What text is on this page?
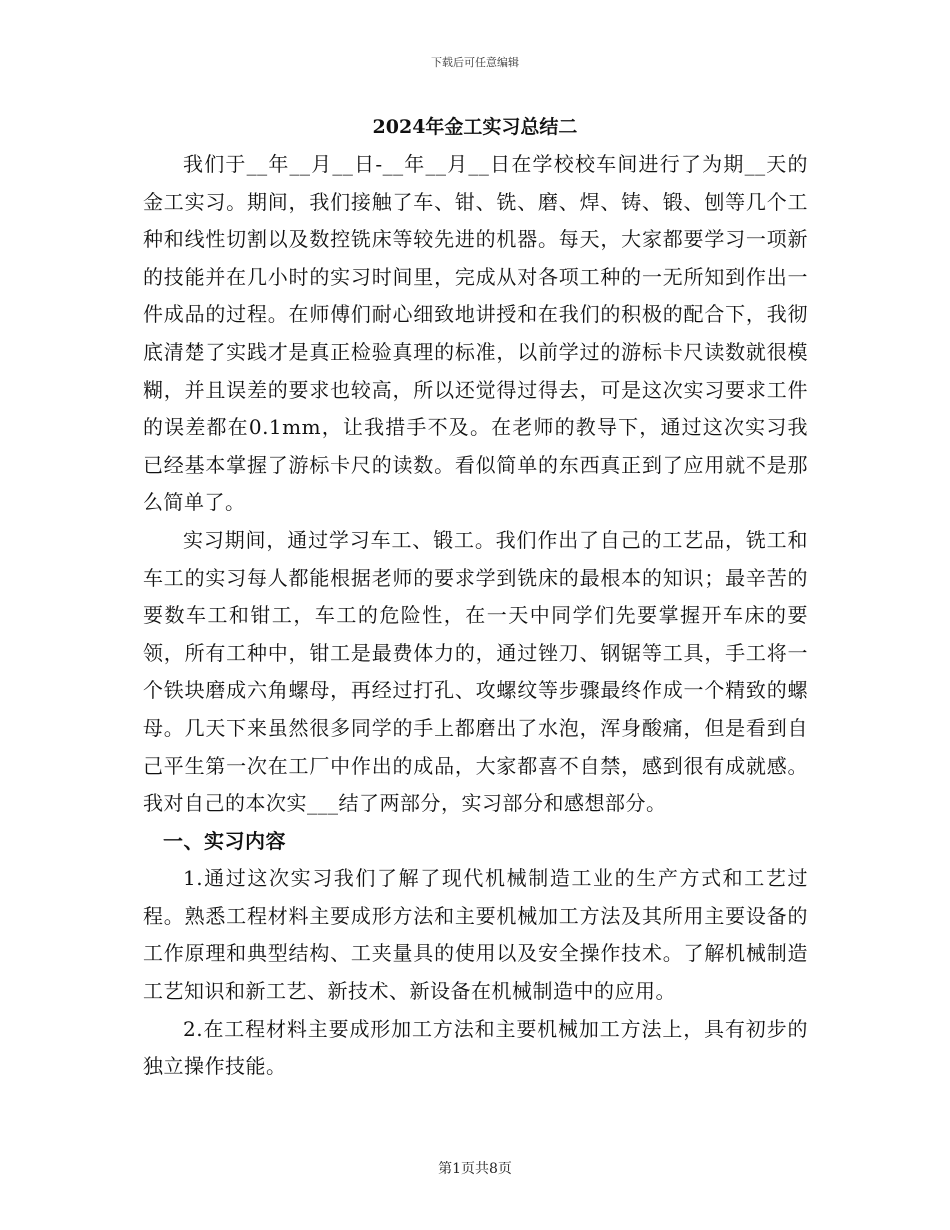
下载后可任意编辑
2024年金工实习总结二

我们于__年__月__日-__年__月__日在学校校车间进行了为期__天的金工实习。期间，我们接触了车、钳、铣、磨、焊、铸、锻、刨等几个工种和线性切割以及数控铣床等较先进的机器。每天，大家都要学习一项新的技能并在几小时的实习时间里，完成从对各项工种的一无所知到作出一件成品的过程。在师傅们耐心细致地讲授和在我们的积极的配合下，我彻底清楚了实践才是真正检验真理的标准，以前学过的游标卡尺读数就很模糊，并且误差的要求也较高，所以还觉得过得去，可是这次实习要求工件的误差都在0.1mm，让我措手不及。在老师的教导下，通过这次实习我已经基本掌握了游标卡尺的读数。看似简单的东西真正到了应用就不是那么简单了。

实习期间，通过学习车工、锻工。我们作出了自己的工艺品，铣工和车工的实习每人都能根据老师的要求学到铣床的最根本的知识；最辛苦的要数车工和钳工，车工的危险性，在一天中同学们先要掌握开车床的要领，所有工种中，钳工是最费体力的，通过锉刀、钢锯等工具，手工将一个铁块磨成六角螺母，再经过打孔、攻螺纹等步骤最终作成一个精致的螺母。几天下来虽然很多同学的手上都磨出了水泡，浑身酸痛，但是看到自己平生第一次在工厂中作出的成品，大家都喜不自禁，感到很有成就感。我对自己的本次实___结了两部分，实习部分和感想部分。

一、实习内容

1.通过这次实习我们了解了现代机械制造工业的生产方式和工艺过程。熟悉工程材料主要成形方法和主要机械加工方法及其所用主要设备的工作原理和典型结构、工夹量具的使用以及安全操作技术。了解机械制造工艺知识和新工艺、新技术、新设备在机械制造中的应用。

2.在工程材料主要成形加工方法和主要机械加工方法上，具有初步的独立操作技能。

第1页共8页
